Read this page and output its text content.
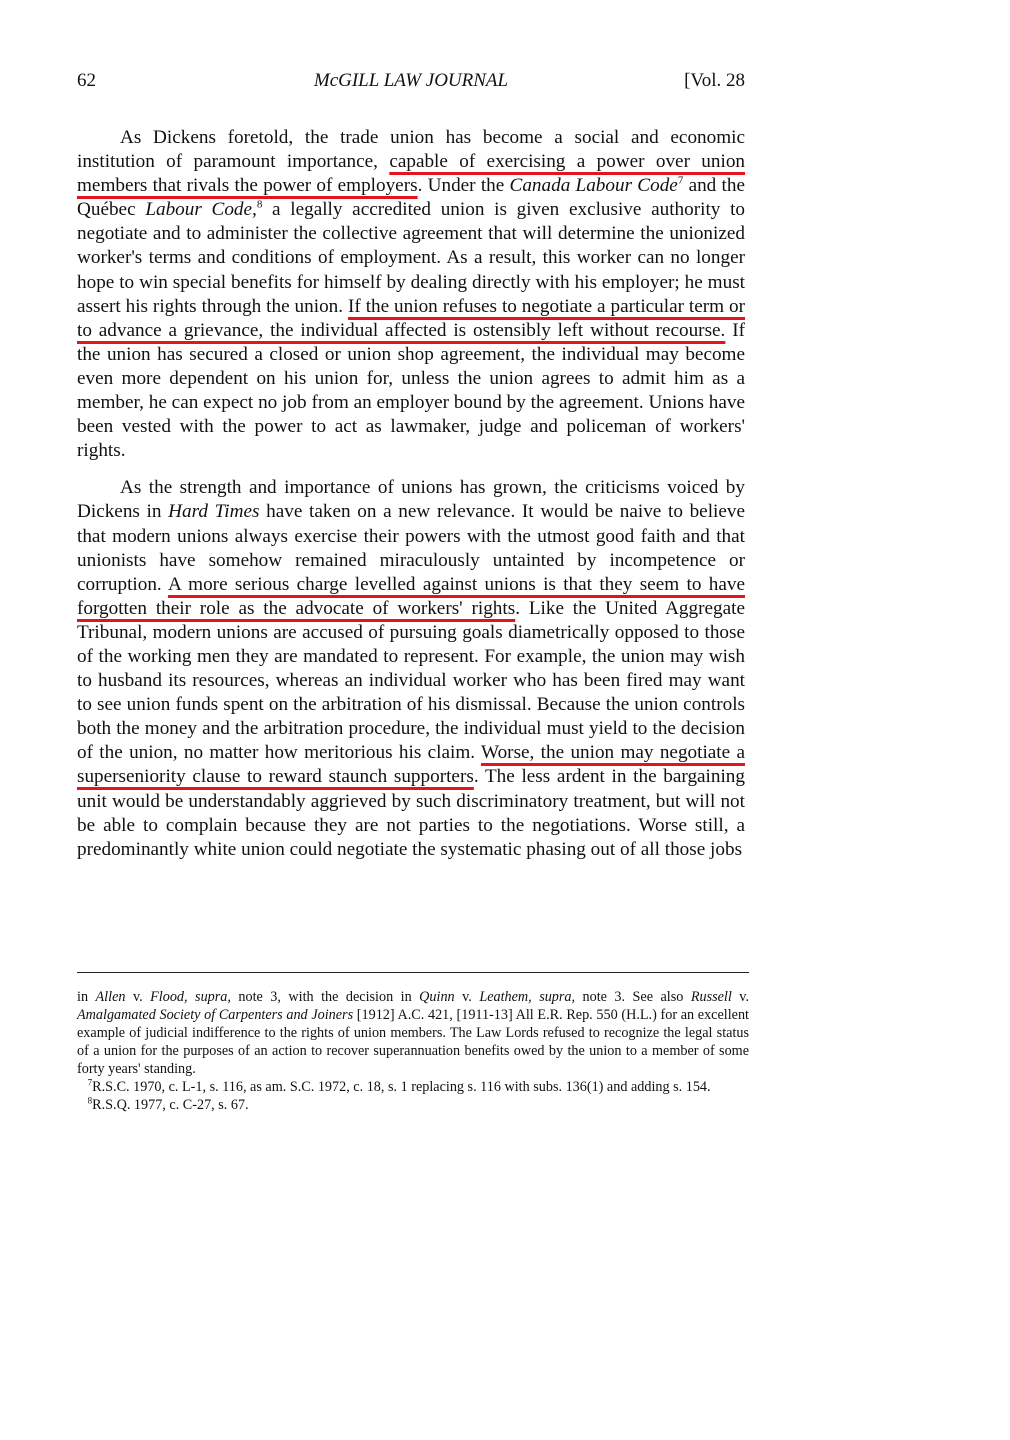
62	McGILL LAW JOURNAL	[Vol. 28

As Dickens foretold, the trade union has become a social and economic institution of paramount importance, capable of exercising a power over union members that rivals the power of employers. Under the Canada Labour Code$^7$ and the Québec Labour Code,$^8$ a legally accredited union is given exclusive authority to negotiate and to administer the collective agreement that will determine the unionized worker's terms and conditions of employment. As a result, this worker can no longer hope to win special benefits for himself by dealing directly with his employer; he must assert his rights through the union. If the union refuses to negotiate a particular term or to advance a grievance, the individual affected is ostensibly left without recourse. If the union has secured a closed or union shop agreement, the individual may become even more dependent on his union for, unless the union agrees to admit him as a member, he can expect no job from an employer bound by the agreement. Unions have been vested with the power to act as lawmaker, judge and policeman of workers' rights.

As the strength and importance of unions has grown, the criticisms voiced by Dickens in Hard Times have taken on a new relevance. It would be naive to believe that modern unions always exercise their powers with the utmost good faith and that unionists have somehow remained miraculously untainted by incompetence or corruption. A more serious charge levelled against unions is that they seem to have forgotten their role as the advocate of workers' rights. Like the United Aggregate Tribunal, modern unions are accused of pursuing goals diametrically opposed to those of the working men they are mandated to represent. For example, the union may wish to husband its resources, whereas an individual worker who has been fired may want to see union funds spent on the arbitration of his dismissal. Because the union controls both the money and the arbitration procedure, the individual must yield to the decision of the union, no matter how meritorious his claim. Worse, the union may negotiate a superseniority clause to reward staunch supporters. The less ardent in the bargaining unit would be understandably aggrieved by such discriminatory treatment, but will not be able to complain because they are not parties to the negotiations. Worse still, a predominantly white union could negotiate the systematic phasing out of all those jobs

in Allen v. Flood, supra, note 3, with the decision in Quinn v. Leathem, supra, note 3. See also Russell v. Amalgamated Society of Carpenters and Joiners [1912] A.C. 421, [1911-13] All E.R. Rep. 550 (H.L.) for an excellent example of judicial indifference to the rights of union members. The Law Lords refused to recognize the legal status of a union for the purposes of an action to recover superannuation benefits owed by the union to a member of some forty years' standing.

$^7$R.S.C. 1970, c. L-1, s. 116, as am. S.C. 1972, c. 18, s. 1 replacing s. 116 with subs. 136(1) and adding s. 154.

$^8$R.S.Q. 1977, c. C-27, s. 67.
